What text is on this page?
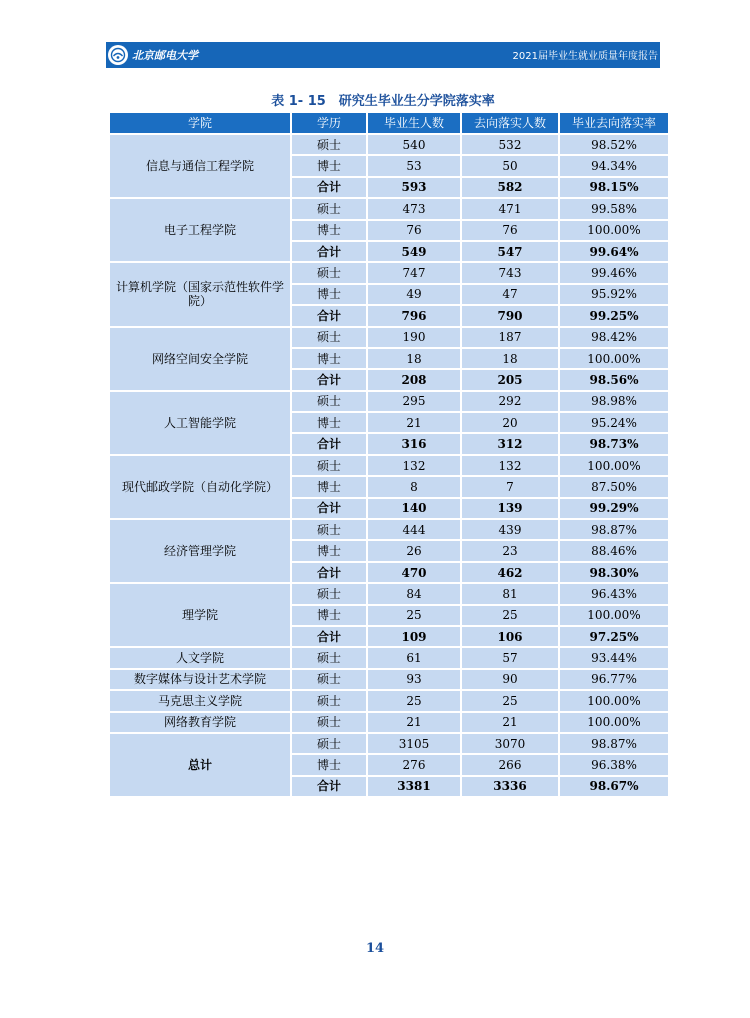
北京邮电大学	2021届毕业生就业质量年度报告
表 1- 15　研究生毕业生分学院落实率
学院	学历	毕业生人数	去向落实人数	毕业去向落实率
信息与通信工程学院	硕士	540	532	98.52%
	博士	53	50	94.34%
	合计	593	582	98.15%
电子工程学院	硕士	473	471	99.58%
	博士	76	76	100.00%
	合计	549	547	99.64%
计算机学院（国家示范性软件学院）	硕士	747	743	99.46%
	博士	49	47	95.92%
	合计	796	790	99.25%
网络空间安全学院	硕士	190	187	98.42%
	博士	18	18	100.00%
	合计	208	205	98.56%
人工智能学院	硕士	295	292	98.98%
	博士	21	20	95.24%
	合计	316	312	98.73%
现代邮政学院（自动化学院）	硕士	132	132	100.00%
	博士	8	7	87.50%
	合计	140	139	99.29%
经济管理学院	硕士	444	439	98.87%
	博士	26	23	88.46%
	合计	470	462	98.30%
理学院	硕士	84	81	96.43%
	博士	25	25	100.00%
	合计	109	106	97.25%
人文学院	硕士	61	57	93.44%
数字媒体与设计艺术学院	硕士	93	90	96.77%
马克思主义学院	硕士	25	25	100.00%
网络教育学院	硕士	21	21	100.00%
总计	硕士	3105	3070	98.87%
	博士	276	266	96.38%
	合计	3381	3336	98.67%
14
